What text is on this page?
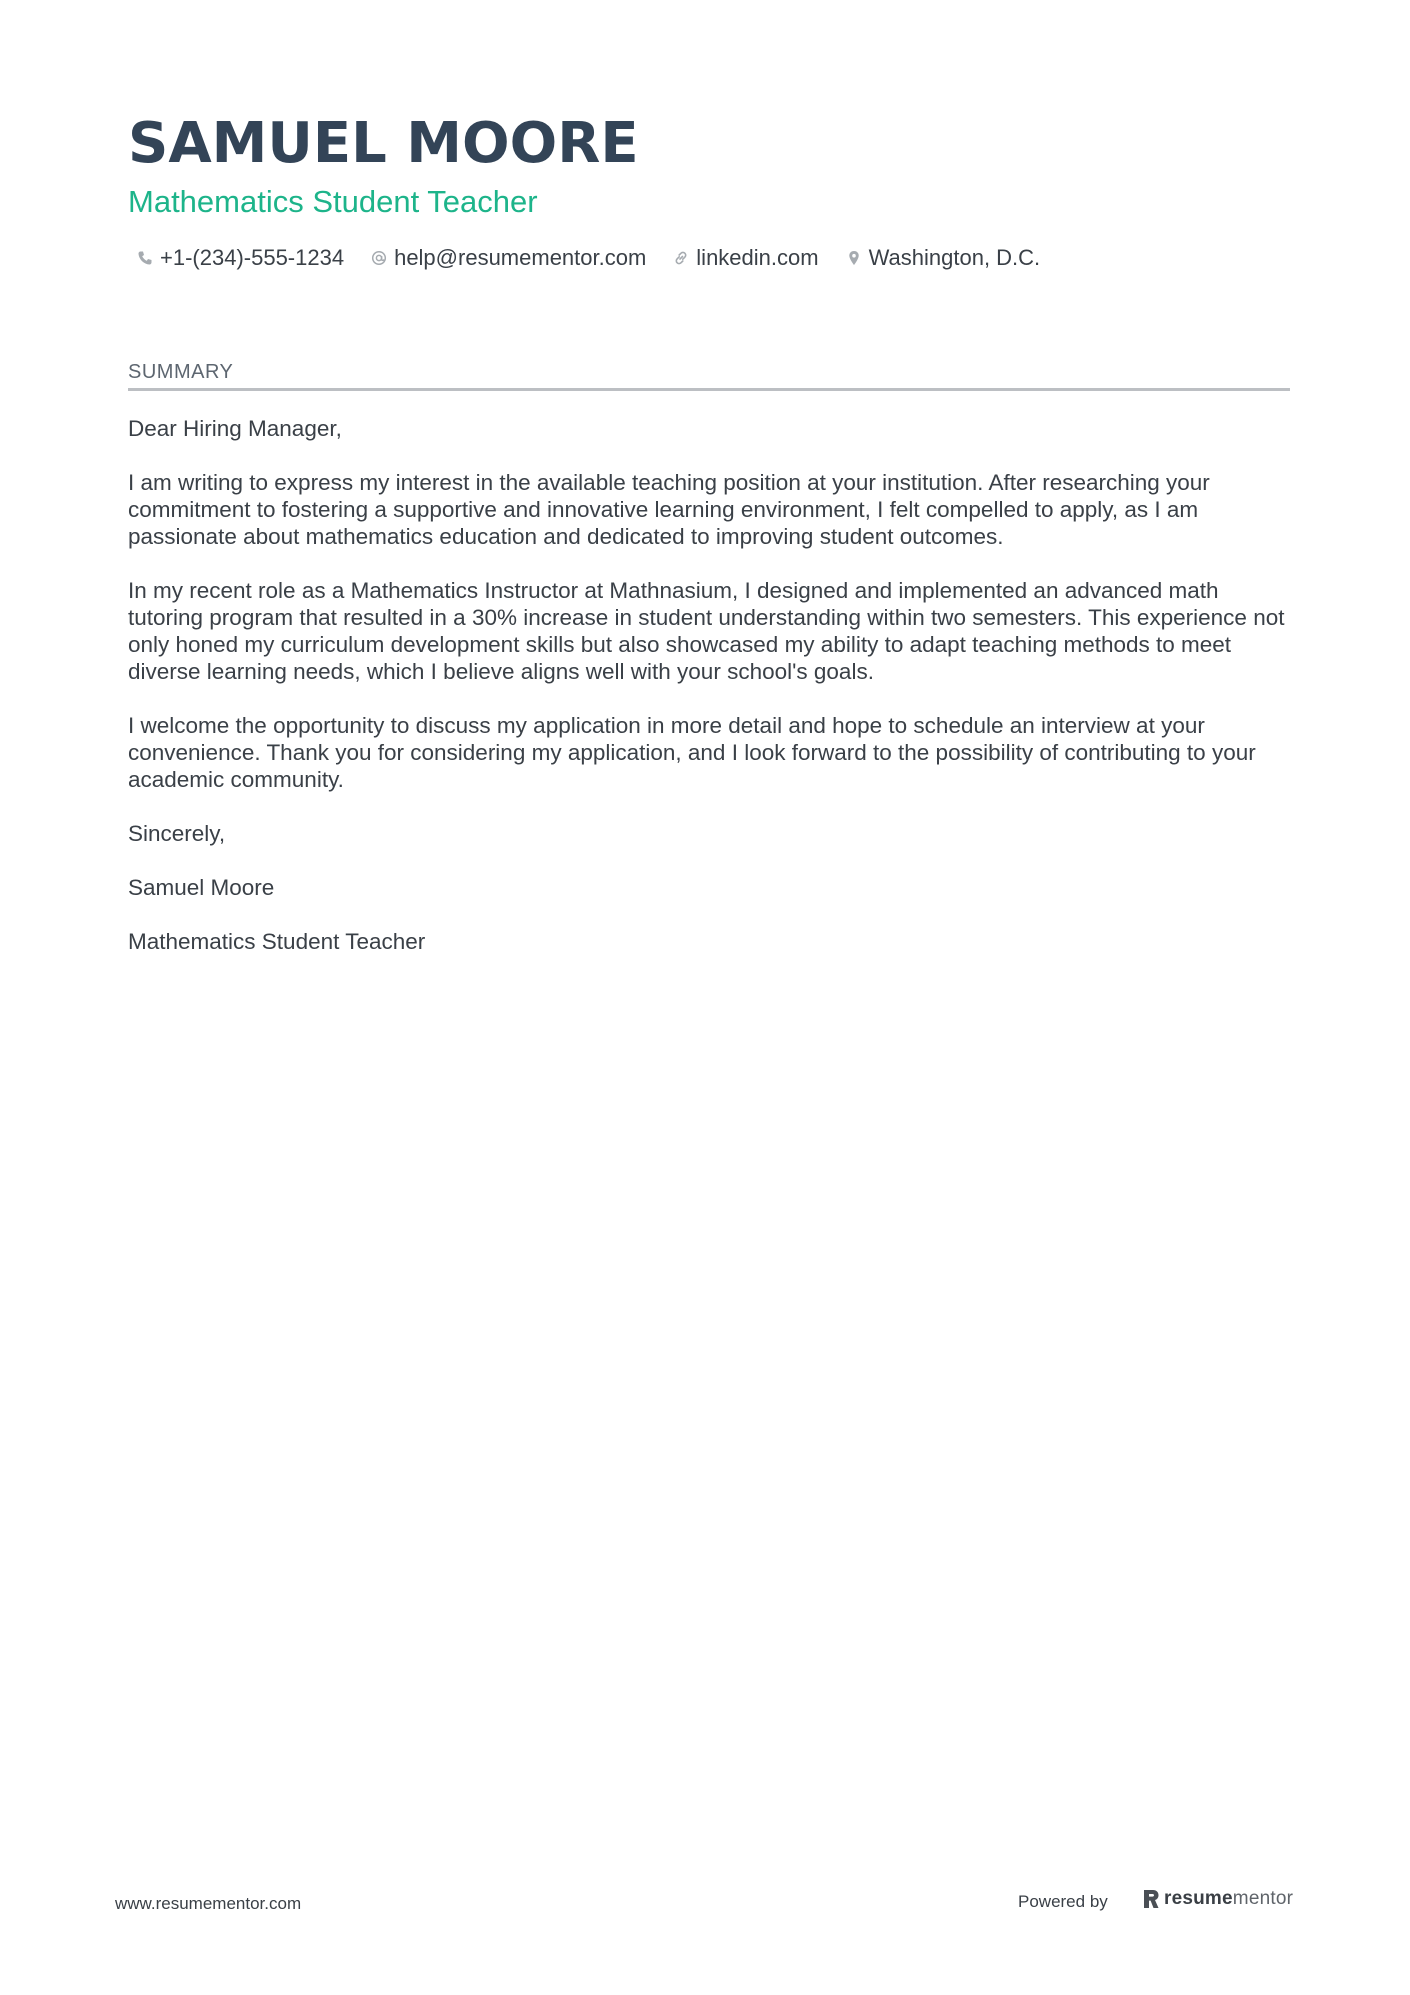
SAMUEL MOORE
Mathematics Student Teacher
+1-(234)-555-1234 help@resumementor.com linkedin.com Washington, D.C.
SUMMARY

Dear Hiring Manager,

I am writing to express my interest in the available teaching position at your institution. After researching your commitment to fostering a supportive and innovative learning environment, I felt compelled to apply, as I am passionate about mathematics education and dedicated to improving student outcomes.

In my recent role as a Mathematics Instructor at Mathnasium, I designed and implemented an advanced math tutoring program that resulted in a 30% increase in student understanding within two semesters. This experience not only honed my curriculum development skills but also showcased my ability to adapt teaching methods to meet diverse learning needs, which I believe aligns well with your school's goals.

I welcome the opportunity to discuss my application in more detail and hope to schedule an interview at your convenience. Thank you for considering my application, and I look forward to the possibility of contributing to your academic community.

Sincerely,

Samuel Moore

Mathematics Student Teacher

www.resumementor.com	Powered by	resumementor
